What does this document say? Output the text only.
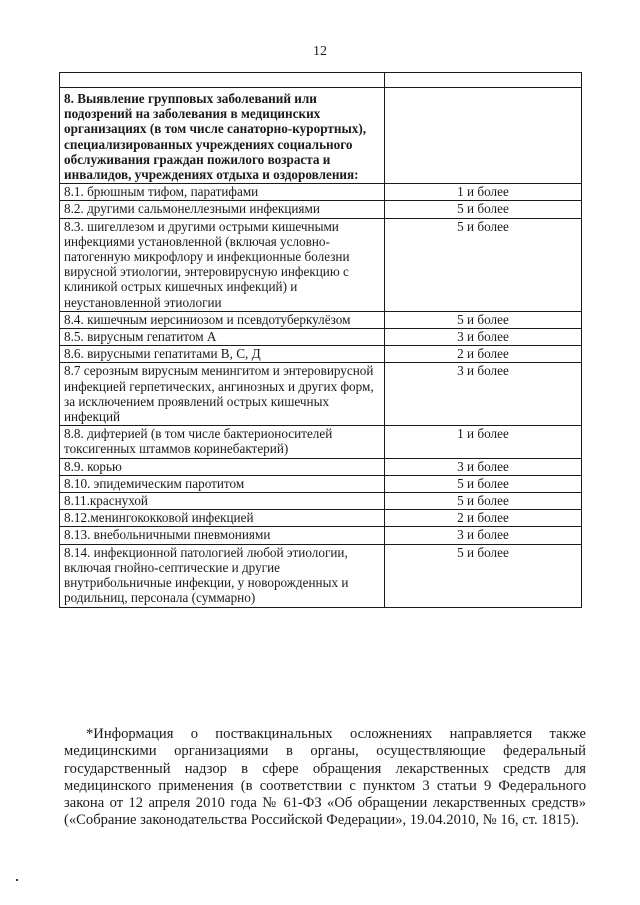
12

8. Выявление групповых заболеваний или подозрений на заболевания в медицинских организациях (в том числе санаторно-курортных), специализированных учреждениях социального обслуживания граждан пожилого возраста и инвалидов, учреждениях отдыха и оздоровления:	
8.1. брюшным тифом, паратифами	1 и более
8.2. другими сальмонеллезными инфекциями	5 и более
8.3. шигеллезом и другими острыми кишечными инфекциями установленной (включая условно-патогенную микрофлору и инфекционные болезни вирусной этиологии, энтеровирусную инфекцию с клиникой острых кишечных инфекций) и неустановленной этиологии	5 и более
8.4. кишечным иерсиниозом и псевдотуберкулёзом	5 и более
8.5. вирусным гепатитом А	3 и более
8.6. вирусными гепатитами В, С, Д	2 и более
8.7 серозным вирусным менингитом и энтеровирусной инфекцией герпетических, ангинозных и других форм, за исключением проявлений острых кишечных инфекций	3 и более
8.8. дифтерией (в том числе бактерионосителей токсигенных штаммов коринебактерий)	1 и более
8.9. корью	3 и более
8.10. эпидемическим паротитом	5 и более
8.11.краснухой	5 и более
8.12.менингококковой инфекцией	2 и более
8.13. внебольничными пневмониями	3 и более
8.14. инфекционной патологией любой этиологии, включая гнойно-септические и другие внутрибольничные инфекции, у новорожденных и родильниц, персонала (суммарно)	5 и более
*Информация о поствакцинальных осложнениях направляется также медицинскими организациями в органы, осуществляющие федеральный государственный надзор в сфере обращения лекарственных средств для медицинского применения (в соответствии с пунктом 3 статьи 9 Федерального закона от 12 апреля 2010 года № 61-ФЗ «Об обращении лекарственных средств» («Собрание законодательства Российской Федерации», 19.04.2010, № 16, ст. 1815).
